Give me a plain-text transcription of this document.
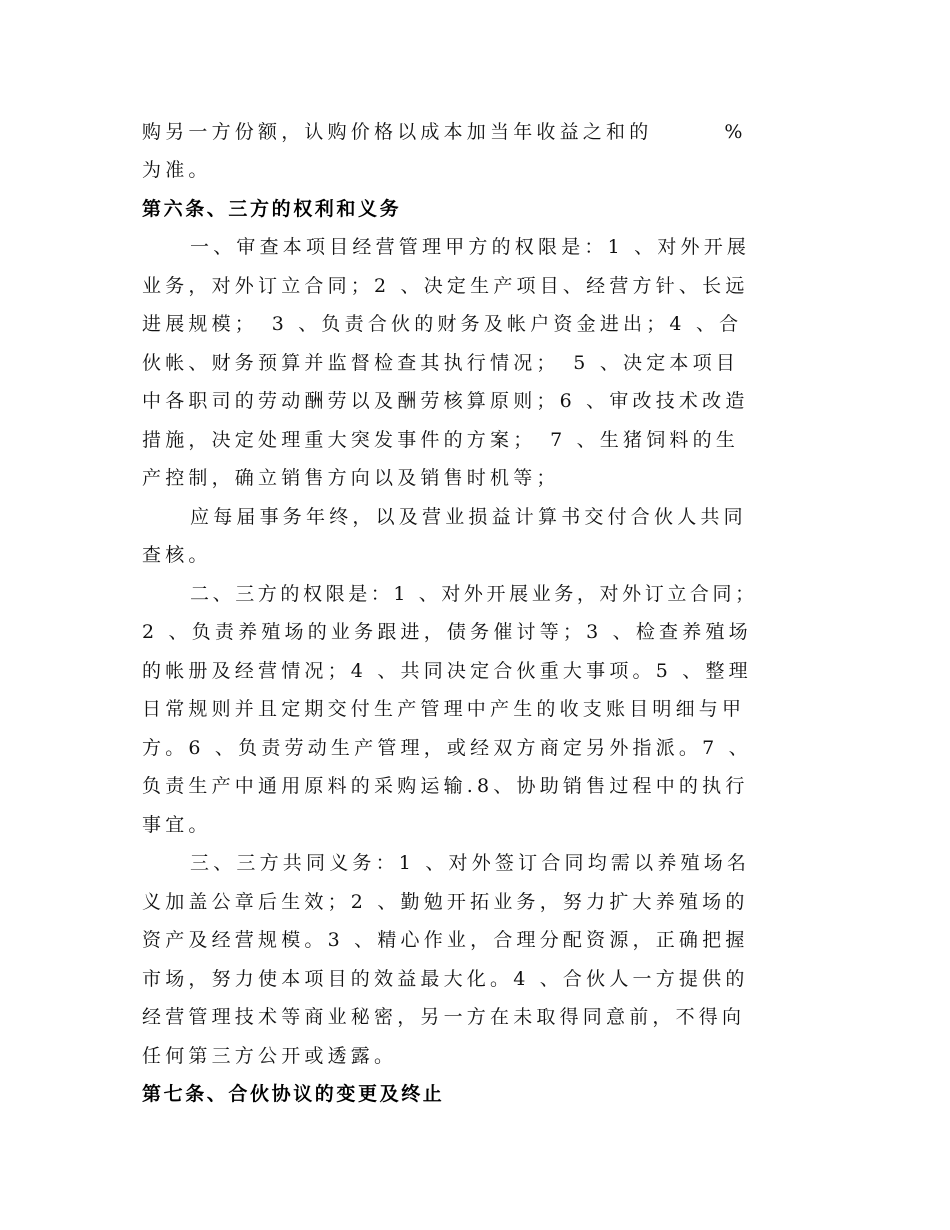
购另一方份额，认购价格以成本加当年收益之和的	%
为准。
第六条、三方的权利和义务
一、审查本项目经营管理甲方的权限是：1 、对外开展
业务，对外订立合同；2 、决定生产项目、经营方针、长远
进展规模；　3 、负责合伙的财务及帐户资金进出；4 、合
伙帐、财务预算并监督检查其执行情况；　5 、决定本项目
中各职司的劳动酬劳以及酬劳核算原则；6 、审改技术改造
措施，决定处理重大突发事件的方案；　7 、生猪饲料的生
产控制，确立销售方向以及销售时机等；
应每届事务年终，以及营业损益计算书交付合伙人共同
查核。
二、三方的权限是：1 、对外开展业务，对外订立合同；
2 、负责养殖场的业务跟进，债务催讨等；3 、检查养殖场
的帐册及经营情况；4 、共同决定合伙重大事项。5 、整理
日常规则并且定期交付生产管理中产生的收支账目明细与甲
方。6 、负责劳动生产管理，或经双方商定另外指派。7 、
负责生产中通用原料的采购运输.8、协助销售过程中的执行
事宜。
三、三方共同义务：1 、对外签订合同均需以养殖场名
义加盖公章后生效；2 、勤勉开拓业务，努力扩大养殖场的
资产及经营规模。3 、精心作业，合理分配资源，正确把握
市场，努力使本项目的效益最大化。4 、合伙人一方提供的
经营管理技术等商业秘密，另一方在未取得同意前，不得向
任何第三方公开或透露。
第七条、合伙协议的变更及终止
